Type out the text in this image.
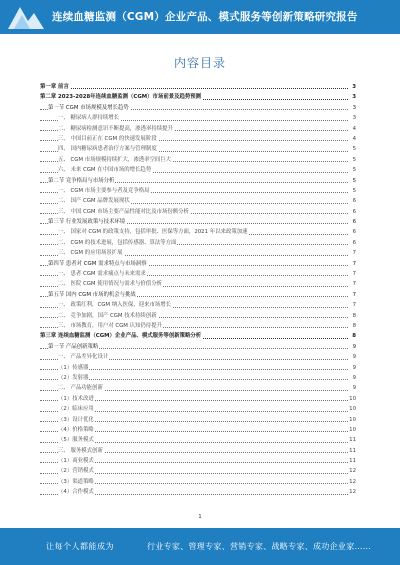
连续血糖监测（CGM）企业产品、模式服务等创新策略研究报告
内容目录
第一章 前言	3
第二章 2023-2028年连续血糖监测（CGM）市场前景及趋势预测	3
第一节 CGM 市场规模及增长趋势	3
一、 糖尿病人群持续增长	3
二、 糖尿病检测意识不断提高，渗透率持续提升	4
三、 中国目前正在 CGM 的快速发展阶段	4
四、 国内糖尿病患者治疗方案与管理制度	5
五、 CGM 市场规模持续扩大，渗透率空间巨大	5
六、 未来 CGM 在中国市场的增长趋势	5
第二节 竞争格局与市场分析	5
一、 CGM 市场主要参与者及竞争格局	5
二、 国产 CGM 品牌发展现状	6
三、 中国 CGM 市场主要产品性能对比及市场份额分析	6
第三节 行业发展政策与技术环境	6
一、 国家对 CGM 的政策支持，包括审批、医保等方面，2021 年以来政策加速	6
二、 CGM 的技术进展，包括传感器、算法等方面	6
三、 CGM 的应用场景扩展	7
第四节 患者对 CGM 需求特点与市场洞察	7
一、 患者 CGM 需求痛点与未来需求	7
二、 医院 CGM 使用情况与需求与价值分析	7
第五节 国内 CGM 市场的机会与挑战	7
一、 政策红利，CGM 纳入医保，迎来市场增长	7
二、 竞争加剧，国产 CGM 技术持续创新	8
三、 市场教育，用户对 CGM 认知仍待提升	8
第三章 连续血糖监测（CGM）企业产品、模式服务等创新策略分析	8
第一节 产品创新策略	9
一、 产品差异化设计	9
（1）传感器	9
（2）发射器	9
二、 产品功能创新	9
（1）技术改进	10
（2）临床应用	10
（3）设计优化	10
（4）价格策略	10
（5）服务模式	11
三、 服务模式创新	11
（1）商业模式	11
（2）营销模式	12
（3）渠道策略	12
（4）合作模式	12
1
让每个人都能成为	行业专家、管理专家、营销专家、战略专家、成功企业家……
